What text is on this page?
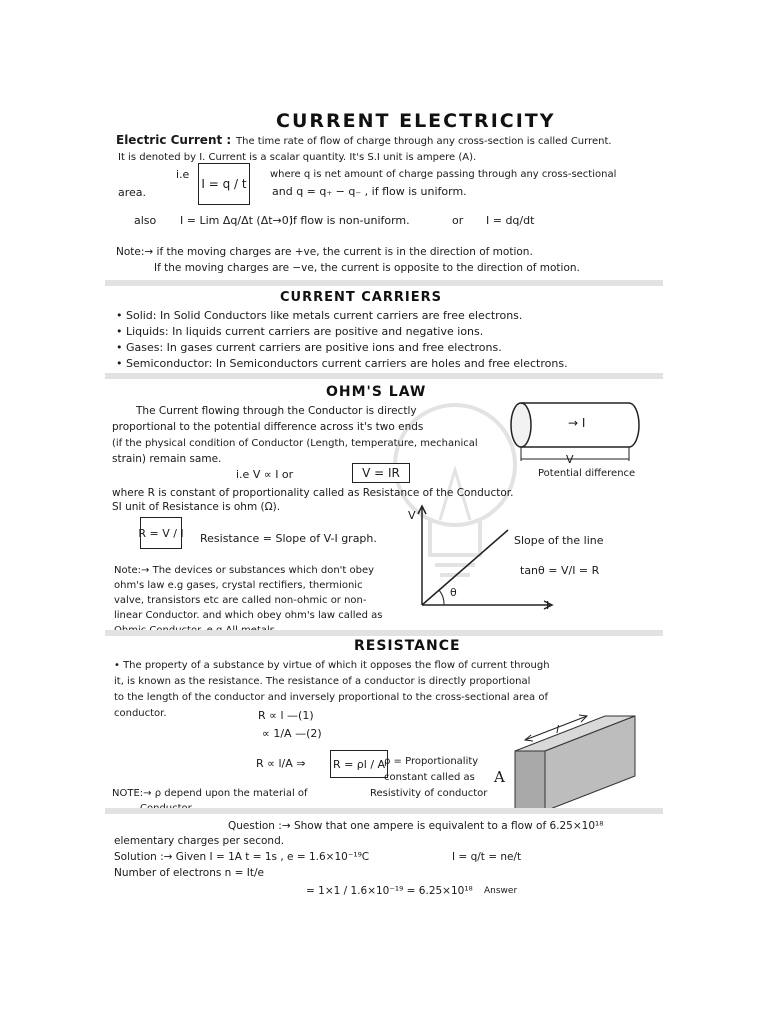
CURRENT ELECTRICITY
Electric Current : The time rate of flow of charge through any cross-section is called Current.
It is denoted by I. Current is a scalar quantity. It's S.I unit is ampere (A).
i.e
I = q / t
where q is net amount of charge passing through any cross-sectional
area.	and q = q₊ − q₋ , if flow is uniform.
also I = Lim Δq/Δt (Δt→0)
if flow is non-uniform.	or I = dq/dt
Note:→ if the moving charges are +ve, the current is in the direction of motion.
If the moving charges are −ve, the current is opposite to the direction of motion.
CURRENT CARRIERS
• Solid: In Solid Conductors like metals current carriers are free electrons.
• Liquids: In liquids current carriers are positive and negative ions.
• Gases: In gases current carriers are positive ions and free electrons.
• Semiconductor: In Semiconductors current carriers are holes and free electrons.
OHM'S LAW
The Current flowing through the Conductor is directly
proportional to the potential difference across it's two ends
(if the physical condition of Conductor (Length, temperature, mechanical
strain) remain same.
→ I
V
Potential difference
i.e V ∝ I or	V = IR
where R is constant of proportionality called as Resistance of the Conductor.
SI unit of Resistance is ohm (Ω).
R = V / I Resistance = Slope of V-I graph.
Note:→ The devices or substances which don't obey
ohm's law e.g gases, crystal rectifiers, thermionic
valve, transistors etc are called non-ohmic or non-
linear Conductor. and which obey ohm's law called as
V
I
θ
Slope of the line
tanθ = V/I = R
RESISTANCE
• The property of a substance by virtue of which it opposes the flow of current through
it, is known as the resistance. The resistance of a conductor is directly proportional
to the length of the conductor and inversely proportional to the cross-sectional area of
conductor.	R ∝ l —(1)
∝ 1/A —(2)
R ∝ l/A ⇒ R = ρl / A
ρ = Proportionality
constant called as
Resistivity of conductor
NOTE:→ ρ depend upon the material of
l
A
Question :→ Show that one ampere is equivalent to a flow of 6.25×10¹⁸
elementary charges per second.
Solution :→ Given I = 1A t = 1s , e = 1.6×10⁻¹⁹C	I = q/t = ne/t
Number of electrons n = It/e
= 1×1 / 1.6×10⁻¹⁹ = 6.25×10¹⁸ Answer
